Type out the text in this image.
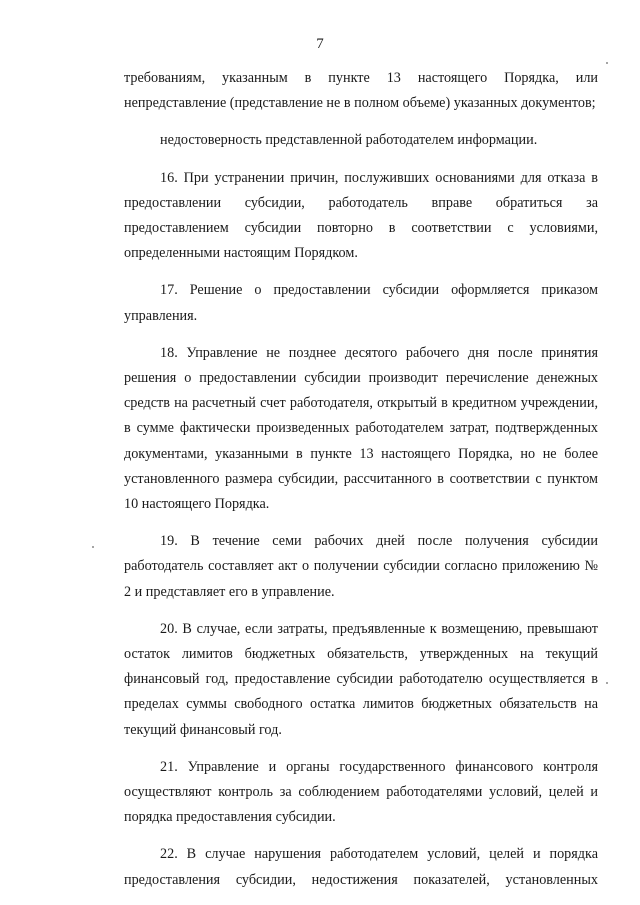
7

требованиям, указанным в пункте 13 настоящего Порядка, или непредставление (представление не в полном объеме) указанных документов;

недостоверность представленной работодателем информации.

16. При устранении причин, послуживших основаниями для отказа в предоставлении субсидии, работодатель вправе обратиться за предоставлением субсидии повторно в соответствии с условиями, определенными настоящим Порядком.

17. Решение о предоставлении субсидии оформляется приказом управления.

18. Управление не позднее десятого рабочего дня после принятия решения о предоставлении субсидии производит перечисление денежных средств на расчетный счет работодателя, открытый в кредитном учреждении, в сумме фактически произведенных работодателем затрат, подтвержденных документами, указанными в пункте 13 настоящего Порядка, но не более установленного размера субсидии, рассчитанного в соответствии с пунктом 10 настоящего Порядка.

19. В течение семи рабочих дней после получения субсидии работодатель составляет акт о получении субсидии согласно приложению № 2 и представляет его в управление.

20. В случае, если затраты, предъявленные к возмещению, превышают остаток лимитов бюджетных обязательств, утвержденных на текущий финансовый год, предоставление субсидии работодателю осуществляется в пределах суммы свободного остатка лимитов бюджетных обязательств на текущий финансовый год.

21. Управление и органы государственного финансового контроля осуществляют контроль за соблюдением работодателями условий, целей и порядка предоставления субсидии.

22. В случае нарушения работодателем условий, целей и порядка предоставления субсидии, недостижения показателей, установленных
